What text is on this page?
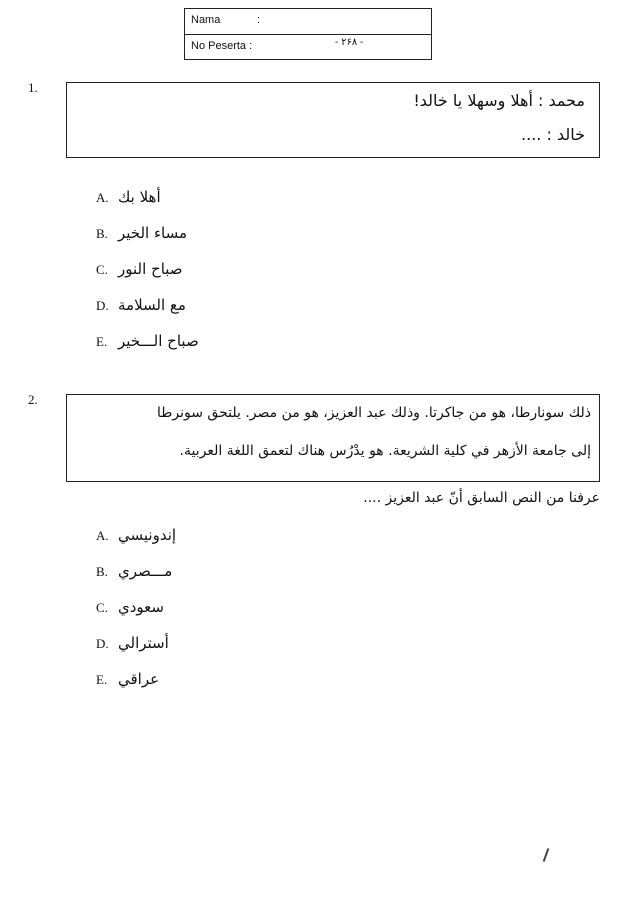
Nama	:
No Peserta :	- ۲۶۸ -
1.
محمد : أهلا وسهلا يا خالد!
خالد : ....
A. أهلا بك
B. مساء الخير
C. صباح النور
D. مع السلامة
E. صباح الـــخير
2.
ذلك سونارطا، هو من جاكرتا. وذلك عبد العزيز، هو من مصر. يلتحق سونرطا
إلى جامعة الأزهر في كلية الشريعة. هو يدْرُس هناك لتعمق اللغة العربية.
عرفنا من النص السابق أنّ عبد العزيز ....
A. إندونيسي
B. مـــصري
C. سعودي
D. أسترالي
E. عراقي
